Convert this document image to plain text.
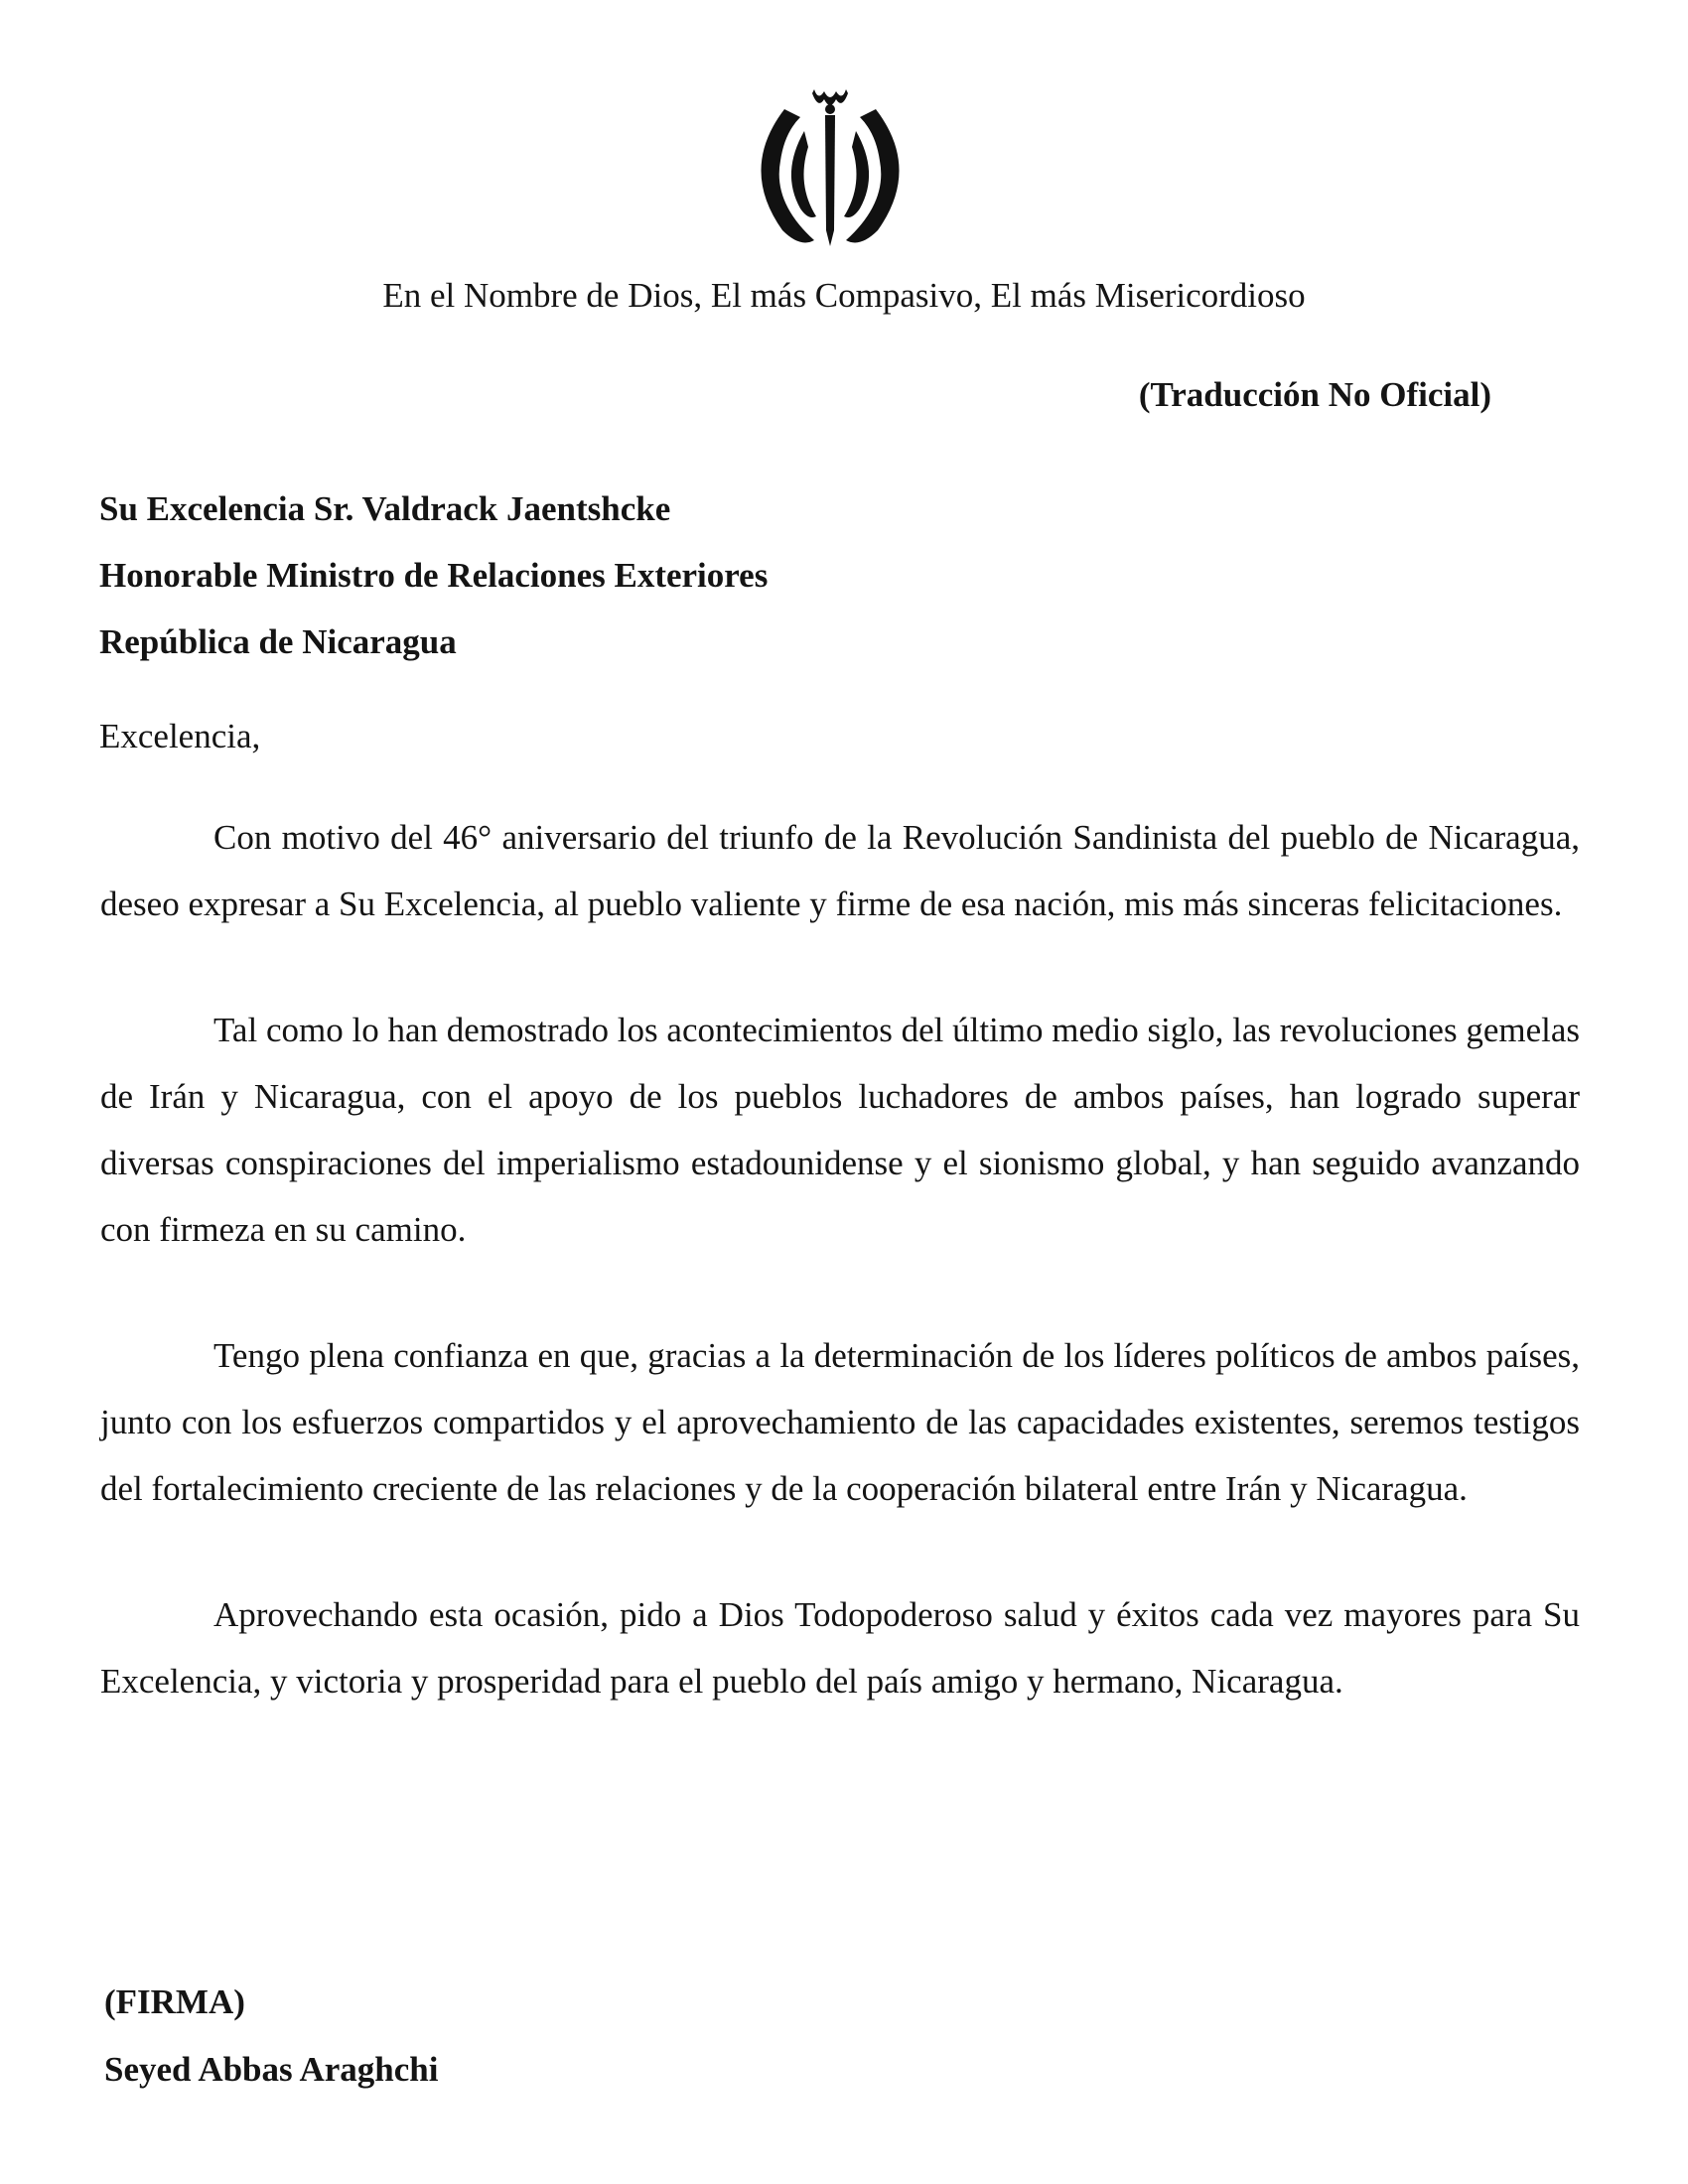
En el Nombre de Dios, El más Compasivo, El más Misericordioso
(Traducción No Oficial)
Su Excelencia Sr. Valdrack Jaentshcke
Honorable Ministro de Relaciones Exteriores
República de Nicaragua
Excelencia,

Con motivo del 46° aniversario del triunfo de la Revolución Sandinista del pueblo de Nicaragua, deseo expresar a Su Excelencia, al pueblo valiente y firme de esa nación, mis más sinceras felicitaciones.

Tal como lo han demostrado los acontecimientos del último medio siglo, las revoluciones gemelas de Irán y Nicaragua, con el apoyo de los pueblos luchadores de ambos países, han logrado superar diversas conspiraciones del imperialismo estadounidense y el sionismo global, y han seguido avanzando con firmeza en su camino.

Tengo plena confianza en que, gracias a la determinación de los líderes políticos de ambos países, junto con los esfuerzos compartidos y el aprovechamiento de las capacidades existentes, seremos testigos del fortalecimiento creciente de las relaciones y de la cooperación bilateral entre Irán y Nicaragua.

Aprovechando esta ocasión, pido a Dios Todopoderoso salud y éxitos cada vez mayores para Su Excelencia, y victoria y prosperidad para el pueblo del país amigo y hermano, Nicaragua.

(FIRMA)
Seyed Abbas Araghchi
